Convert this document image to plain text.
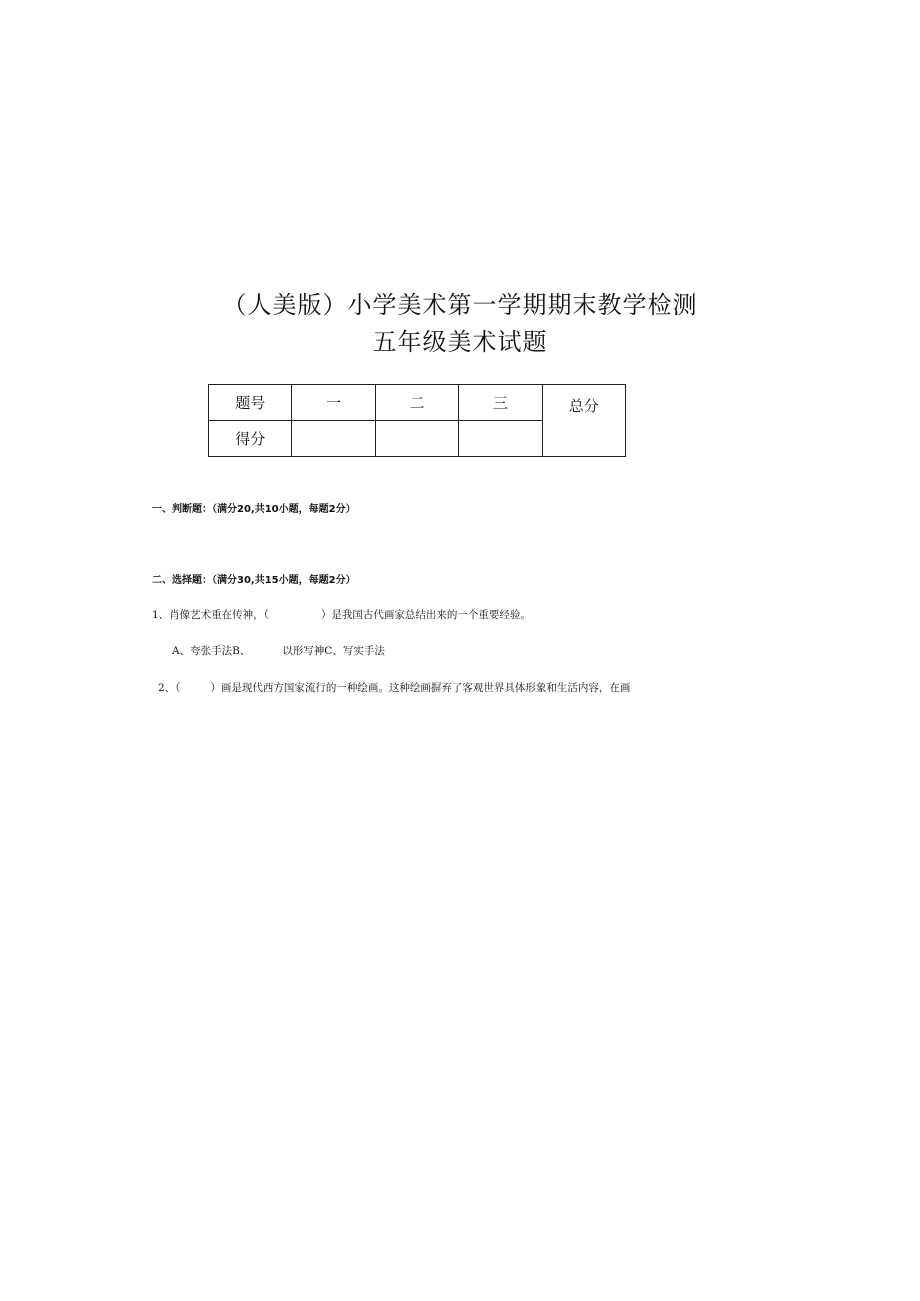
（人美版）小学美术第一学期期末教学检测
五年级美术试题
题号	一	二	三	总分
得分				
一、判断题：（满分20,共10小题，每题2分）
二、选择题：（满分30,共15小题，每题2分）
1、肖像艺术重在传神，（	）是我国古代画家总结出来的一个重要经验。
A、夸张手法B、	以形写神C、写实手法
2、（	）画是现代西方国家流行的一种绘画。这种绘画摒弃了客观世界具体形象和生活内容，在画
